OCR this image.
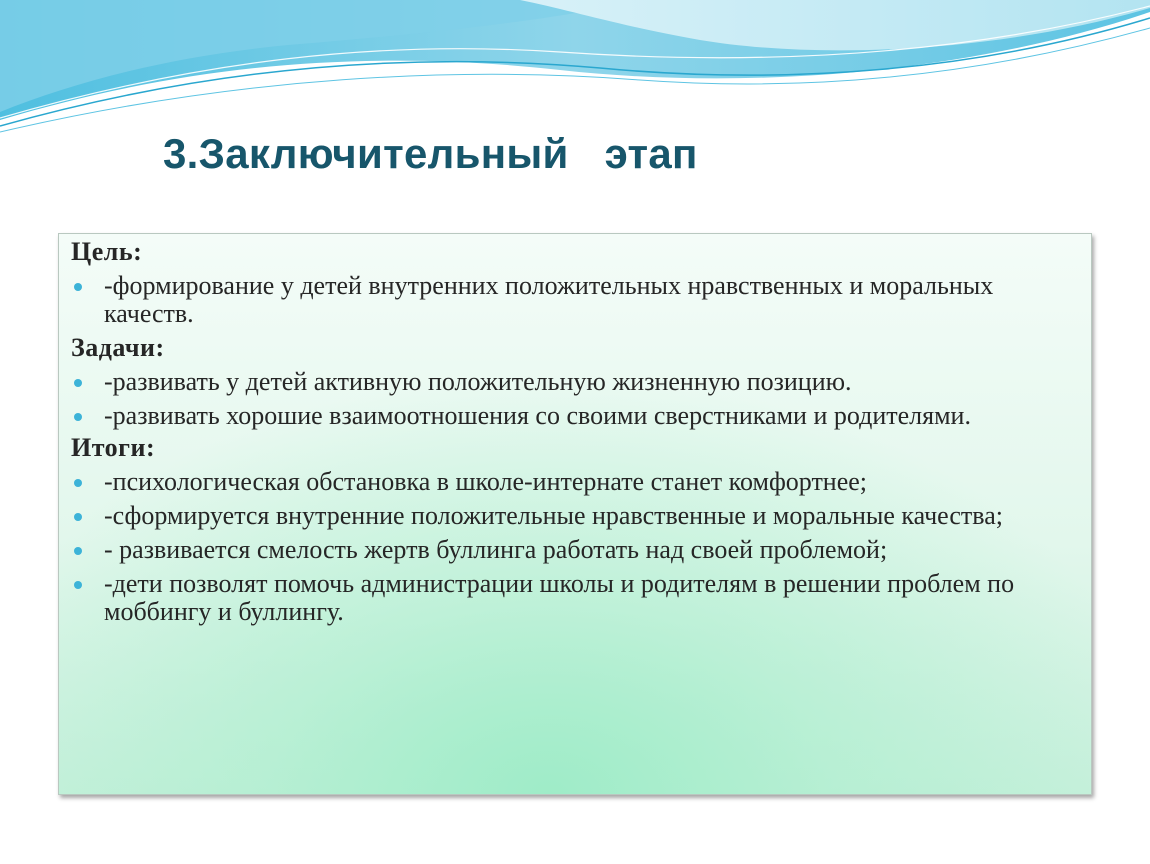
3.Заключительный   этап
Цель:
-формирование у детей внутренних положительных нравственных и моральных качеств.
Задачи:
-развивать у детей активную положительную жизненную позицию.
-развивать хорошие взаимоотношения со своими сверстниками и родителями.
Итоги:
-психологическая обстановка в школе-интернате станет комфортнее;
-сформируется внутренние положительные нравственные и моральные качества;
- развивается смелость жертв буллинга работать над своей проблемой;
-дети позволят помочь администрации школы и родителям в решении проблем по моббингу и буллингу.
